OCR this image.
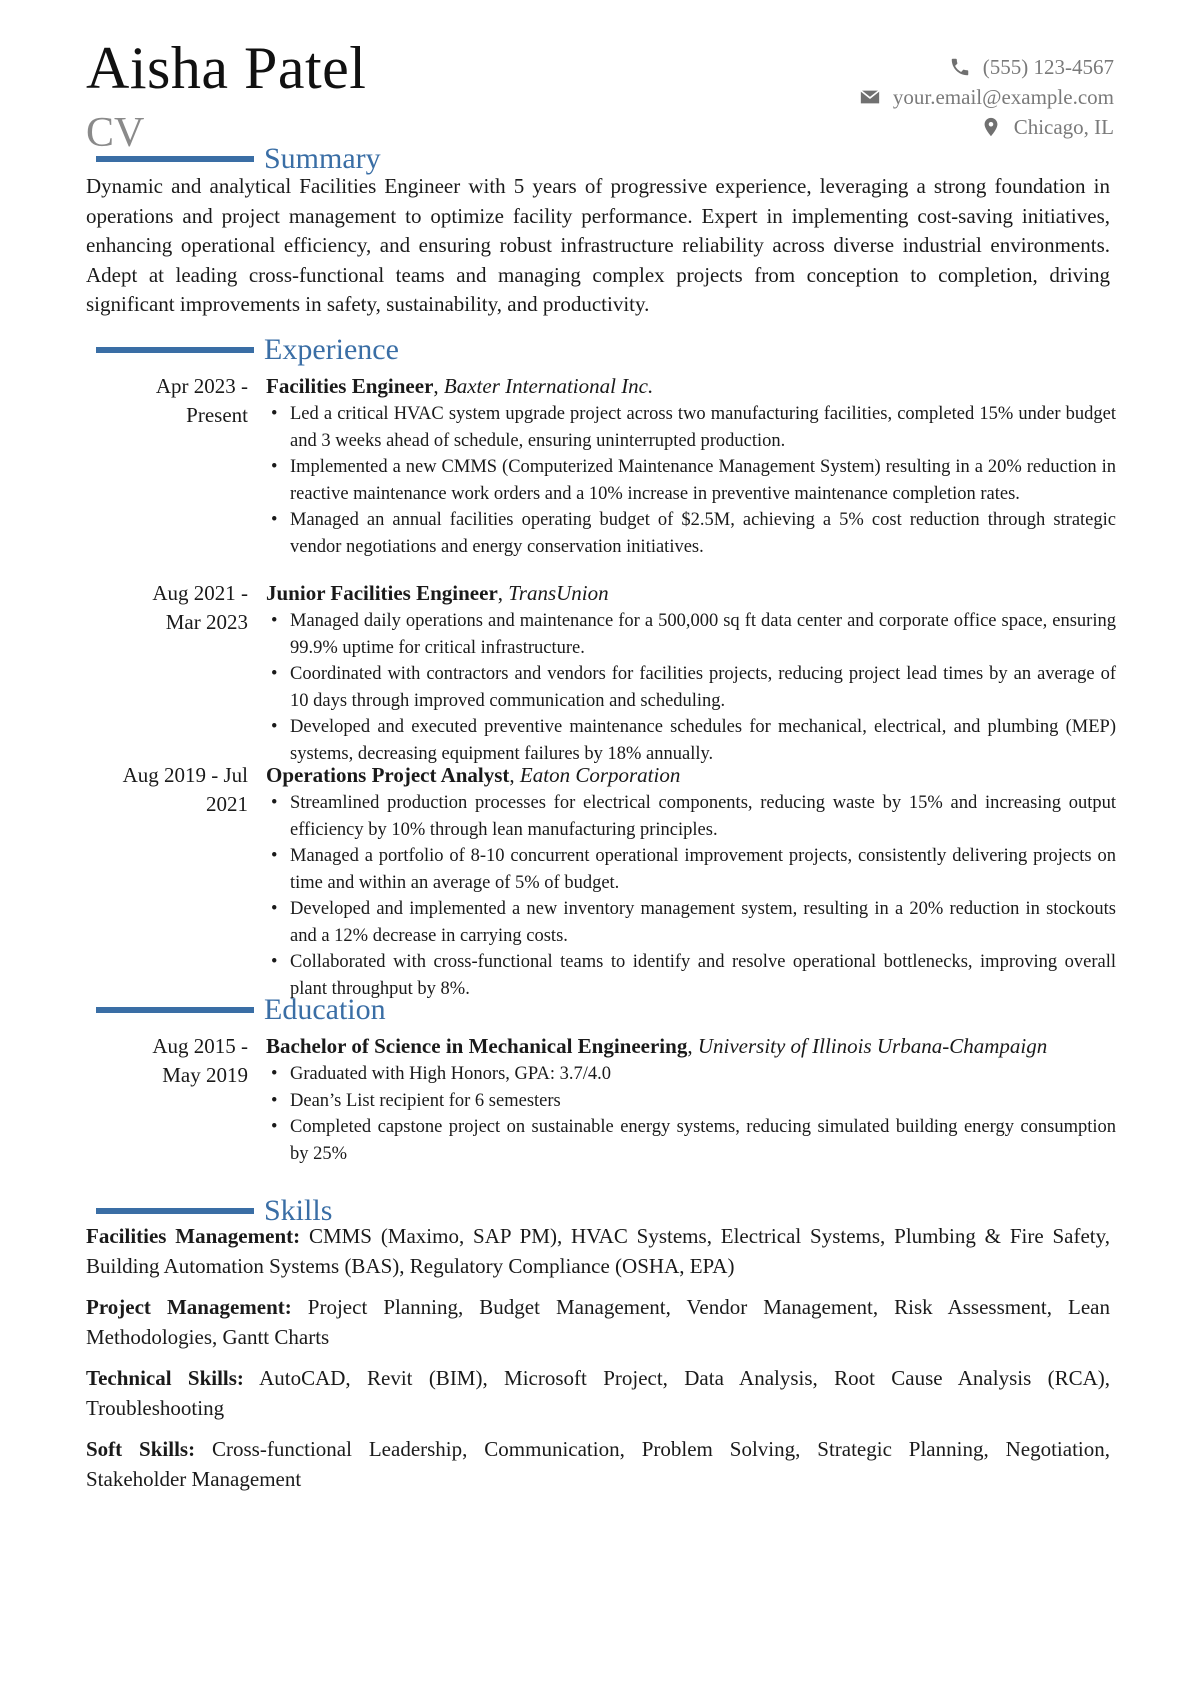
Aisha Patel
CV
(555) 123-4567
your.email@example.com
Chicago, IL
Summary
Dynamic and analytical Facilities Engineer with 5 years of progressive experience, leveraging a strong foundation in operations and project management to optimize facility performance. Expert in implementing cost-saving initiatives, enhancing operational efficiency, and ensuring robust infrastructure reliability across diverse industrial environments. Adept at leading cross-functional teams and managing complex projects from conception to completion, driving significant improvements in safety, sustainability, and productivity.
Experience
Apr 2023 -
Present
Facilities Engineer, Baxter International Inc.
• Led a critical HVAC system upgrade project across two manufacturing facilities, completed 15% under budget and 3 weeks ahead of schedule, ensuring uninterrupted production.
• Implemented a new CMMS (Computerized Maintenance Management System) resulting in a 20% reduction in reactive maintenance work orders and a 10% increase in preventive maintenance completion rates.
• Managed an annual facilities operating budget of $2.5M, achieving a 5% cost reduction through strategic vendor negotiations and energy conservation initiatives.
Aug 2021 -
Mar 2023
Junior Facilities Engineer, TransUnion
• Managed daily operations and maintenance for a 500,000 sq ft data center and corporate office space, ensuring 99.9% uptime for critical infrastructure.
• Coordinated with contractors and vendors for facilities projects, reducing project lead times by an average of 10 days through improved communication and scheduling.
• Developed and executed preventive maintenance schedules for mechanical, electrical, and plumbing (MEP) systems, decreasing equipment failures by 18% annually.
Aug 2019 - Jul
2021
Operations Project Analyst, Eaton Corporation
• Streamlined production processes for electrical components, reducing waste by 15% and increasing output efficiency by 10% through lean manufacturing principles.
• Managed a portfolio of 8-10 concurrent operational improvement projects, consistently delivering projects on time and within an average of 5% of budget.
• Developed and implemented a new inventory management system, resulting in a 20% reduction in stockouts and a 12% decrease in carrying costs.
• Collaborated with cross-functional teams to identify and resolve operational bottlenecks, improving overall plant throughput by 8%.
Education
Aug 2015 -
May 2019
Bachelor of Science in Mechanical Engineering, University of Illinois Urbana-Champaign
• Graduated with High Honors, GPA: 3.7/4.0
• Dean’s List recipient for 6 semesters
• Completed capstone project on sustainable energy systems, reducing simulated building energy consumption by 25%
Skills
Facilities Management: CMMS (Maximo, SAP PM), HVAC Systems, Electrical Systems, Plumbing & Fire Safety, Building Automation Systems (BAS), Regulatory Compliance (OSHA, EPA)
Project Management: Project Planning, Budget Management, Vendor Management, Risk Assessment, Lean Methodologies, Gantt Charts
Technical Skills: AutoCAD, Revit (BIM), Microsoft Project, Data Analysis, Root Cause Analysis (RCA), Troubleshooting
Soft Skills: Cross-functional Leadership, Communication, Problem Solving, Strategic Planning, Negotiation, Stakeholder Management
